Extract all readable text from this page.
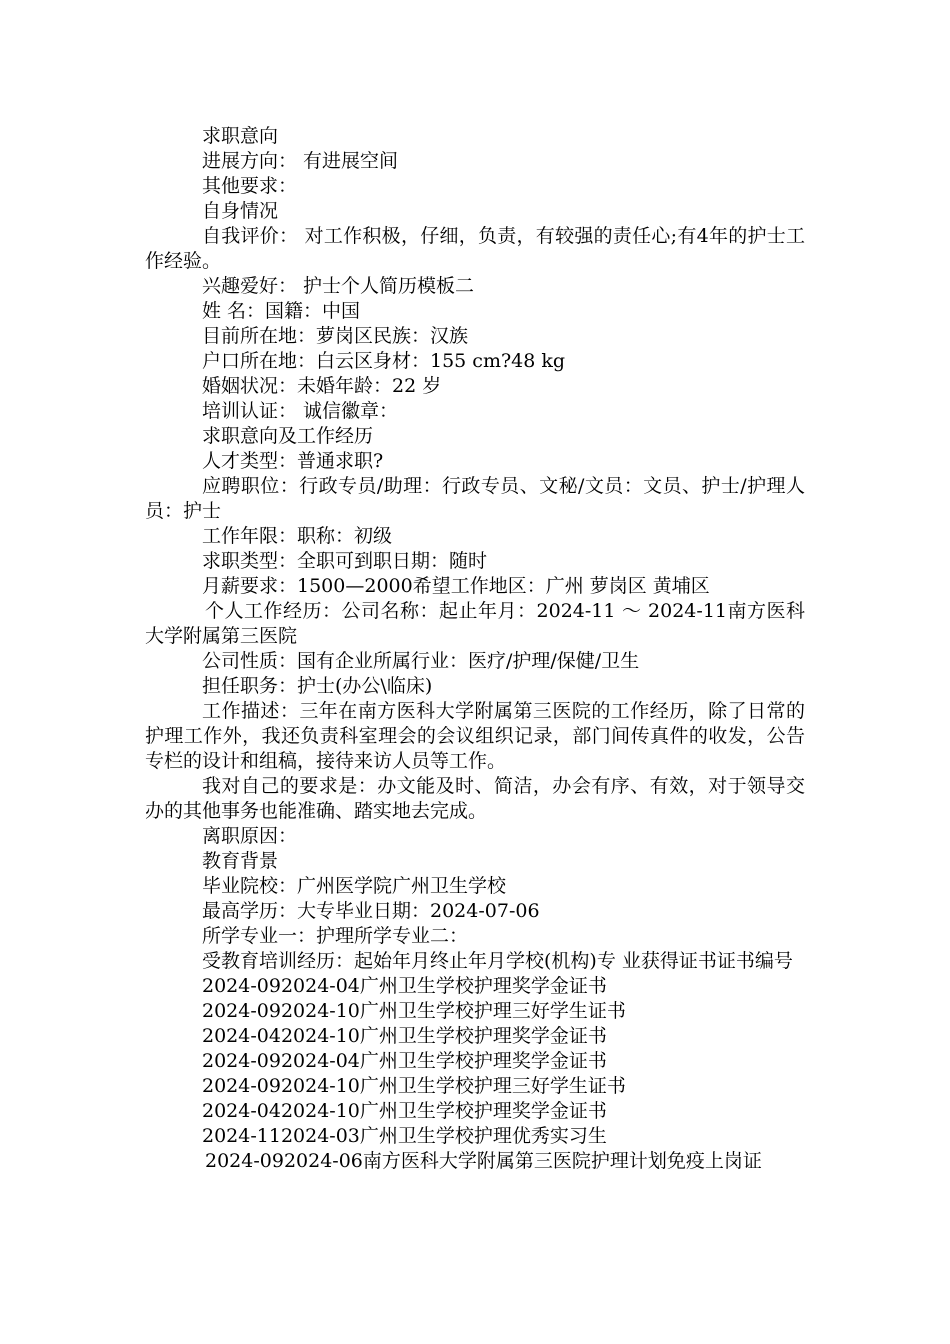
求职意向

进展方向： 有进展空间

其他要求：

自身情况

自我评价： 对工作积极，仔细，负责，有较强的责任心;有4年的护士工作经验。

兴趣爱好： 护士个人简历模板二

姓 名：国籍：中国

目前所在地：萝岗区民族：汉族

户口所在地：白云区身材：155 cm?48 kg

婚姻状况：未婚年龄：22 岁

培训认证： 诚信徽章：

求职意向及工作经历

人才类型：普通求职?

应聘职位：行政专员/助理：行政专员、文秘/文员：文员、护士/护理人员：护士

工作年限：职称：初级

求职类型：全职可到职日期：随时

月薪要求：1500—2000希望工作地区：广州 萝岗区 黄埔区

个人工作经历：公司名称：起止年月：2024-11 ～ 2024-11南方医科大学附属第三医院

公司性质：国有企业所属行业：医疗/护理/保健/卫生

担任职务：护士(办公\临床)

工作描述：三年在南方医科大学附属第三医院的工作经历，除了日常的护理工作外，我还负责科室理会的会议组织记录，部门间传真件的收发，公告专栏的设计和组稿，接待来访人员等工作。

我对自己的要求是：办文能及时、简洁，办会有序、有效，对于领导交办的其他事务也能准确、踏实地去完成。

离职原因：

教育背景

毕业院校：广州医学院广州卫生学校

最高学历：大专毕业日期：2024-07-06

所学专业一：护理所学专业二：

受教育培训经历：起始年月终止年月学校(机构)专 业获得证书证书编号

2024-092024-04广州卫生学校护理奖学金证书

2024-092024-10广州卫生学校护理三好学生证书

2024-042024-10广州卫生学校护理奖学金证书

2024-092024-04广州卫生学校护理奖学金证书

2024-092024-10广州卫生学校护理三好学生证书

2024-042024-10广州卫生学校护理奖学金证书

2024-112024-03广州卫生学校护理优秀实习生

2024-092024-06南方医科大学附属第三医院护理计划免疫上岗证
